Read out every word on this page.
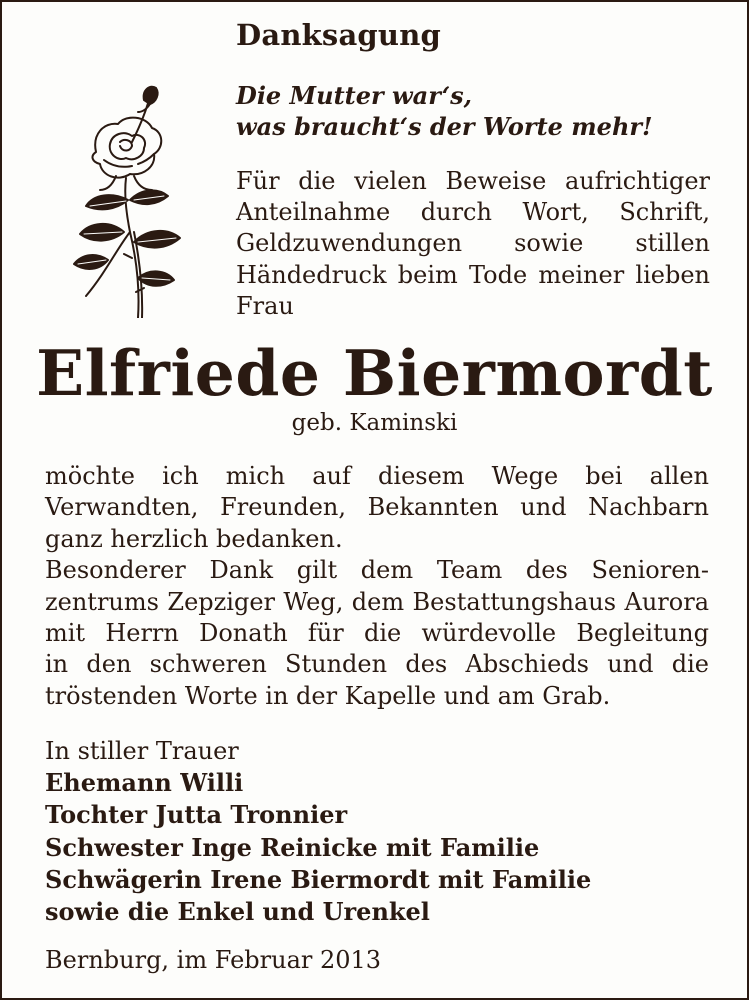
Danksagung
Die Mutter war‘s,
was braucht‘s der Worte mehr!
Für die vielen Beweise aufrichtiger
Anteilnahme durch Wort, Schrift,
Geldzuwendungen sowie stillen
Händedruck beim Tode meiner lieben
Frau
Elfriede Biermordt
geb. Kaminski
möchte ich mich auf diesem Wege bei allen
Verwandten, Freunden, Bekannten und Nachbarn
ganz herzlich bedanken.
Besonderer Dank gilt dem Team des Senioren-
zentrums Zepziger Weg, dem Bestattungshaus Aurora
mit Herrn Donath für die würdevolle Begleitung
in den schweren Stunden des Abschieds und die
tröstenden Worte in der Kapelle und am Grab.
In stiller Trauer
Ehemann Willi
Tochter Jutta Tronnier
Schwester Inge Reinicke mit Familie
Schwägerin Irene Biermordt mit Familie
sowie die Enkel und Urenkel
Bernburg, im Februar 2013
